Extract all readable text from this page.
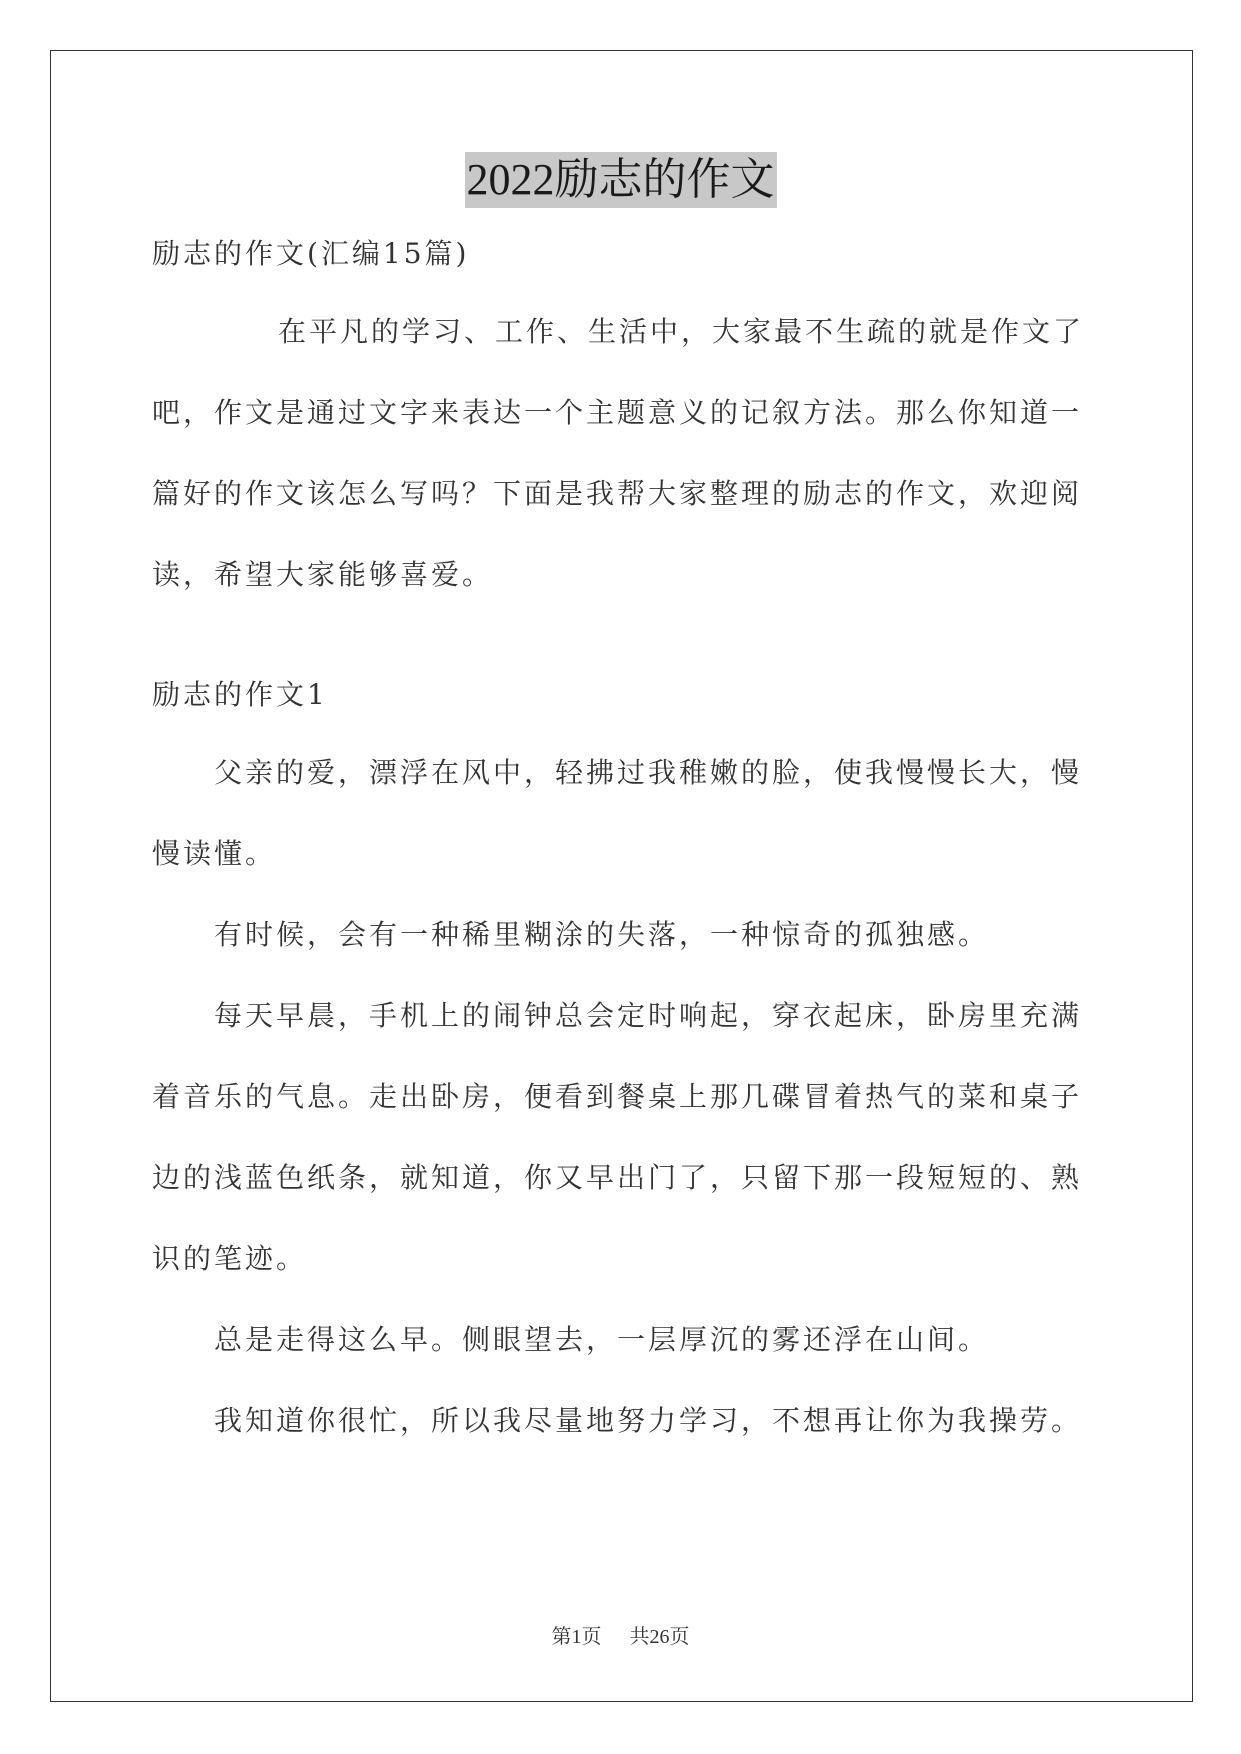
2022励志的作文

励志的作文(汇编15篇)

在平凡的学习、工作、生活中，大家最不生疏的就是作文了

吧，作文是通过文字来表达一个主题意义的记叙方法。那么你知道一

篇好的作文该怎么写吗？下面是我帮大家整理的励志的作文，欢迎阅

读，希望大家能够喜爱。

励志的作文1

父亲的爱，漂浮在风中，轻拂过我稚嫩的脸，使我慢慢长大，慢

慢读懂。

有时候，会有一种稀里糊涂的失落，一种惊奇的孤独感。

每天早晨，手机上的闹钟总会定时响起，穿衣起床，卧房里充满

着音乐的气息。走出卧房，便看到餐桌上那几碟冒着热气的菜和桌子

边的浅蓝色纸条，就知道，你又早出门了，只留下那一段短短的、熟

识的笔迹。

总是走得这么早。侧眼望去，一层厚沉的雾还浮在山间。

我知道你很忙，所以我尽量地努力学习，不想再让你为我操劳。

第1页 共26页
